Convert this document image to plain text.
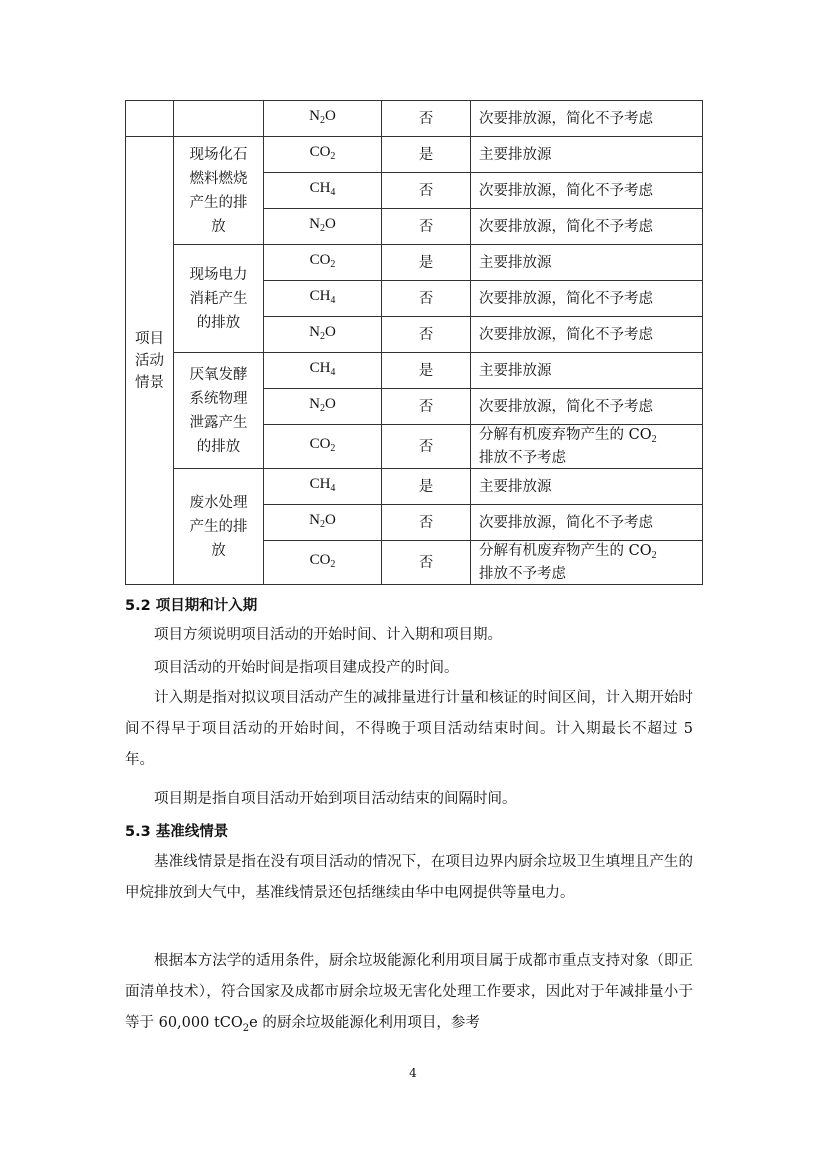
		$N_2O$	否	次要排放源，简化不予考虑

项目活动情景	现场化石
燃料燃烧
产生的排
放	$CO_2$	是	主要排放源
		$CH_4$	否	次要排放源，简化不予考虑
		$N_2O$	否	次要排放源，简化不予考虑

	现场电力
消耗产生
的排放	$CO_2$	是	主要排放源
		$CH_4$	否	次要排放源，简化不予考虑
		$N_2O$	否	次要排放源，简化不予考虑

	厌氧发酵
系统物理
泄露产生
的排放	$CH_4$	是	主要排放源
		$N_2O$	否	次要排放源，简化不予考虑
		$CO_2$	否	分解有机废弃物产生的 $CO_2$
排放不予考虑

	废水处理
产生的排
放	$CH_4$	是	主要排放源
		$N_2O$	否	次要排放源，简化不予考虑
		$CO_2$	否	分解有机废弃物产生的 $CO_2$
排放不予考虑
5.2 项目期和计入期

项目方须说明项目活动的开始时间、计入期和项目期。

项目活动的开始时间是指项目建成投产的时间。

计入期是指对拟议项目活动产生的减排量进行计量和核证的时间区间，计入期开始时间不得早于项目活动的开始时间，不得晚于项目活动结束时间。计入期最长不超过 5 年。

项目期是指自项目活动开始到项目活动结束的间隔时间。

5.3 基准线情景

基准线情景是指在没有项目活动的情况下，在项目边界内厨余垃圾卫生填埋且产生的甲烷排放到大气中，基准线情景还包括继续由华中电网提供等量电力。

根据本方法学的适用条件，厨余垃圾能源化利用项目属于成都市重点支持对象（即正面清单技术），符合国家及成都市厨余垃圾无害化处理工作要求，因此对于年减排量小于等于 60,000 tCO$_2$e 的厨余垃圾能源化利用项目，参考

4
